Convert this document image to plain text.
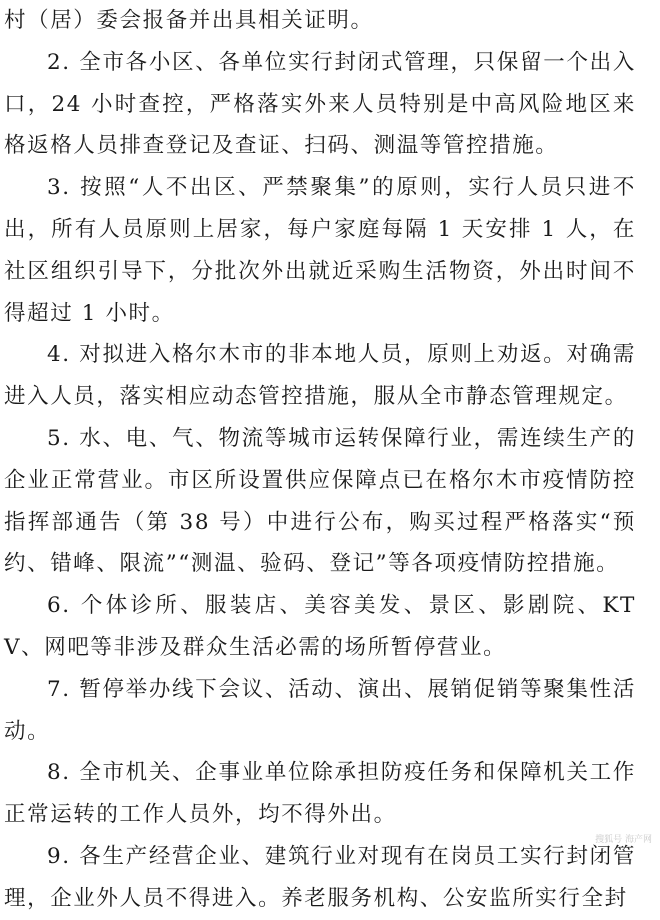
村（居）委会报备并出具相关证明。

2. 全市各小区、各单位实行封闭式管理，只保留一个出入口，24 小时查控，严格落实外来人员特别是中高风险地区来格返格人员排查登记及查证、扫码、测温等管控措施。

3. 按照“人不出区、严禁聚集”的原则，实行人员只进不出，所有人员原则上居家，每户家庭每隔 1 天安排 1 人，在社区组织引导下，分批次外出就近采购生活物资，外出时间不得超过 1 小时。

4. 对拟进入格尔木市的非本地人员，原则上劝返。对确需进入人员，落实相应动态管控措施，服从全市静态管理规定。

5. 水、电、气、物流等城市运转保障行业，需连续生产的企业正常营业。市区所设置供应保障点已在格尔木市疫情防控指挥部通告（第 38 号）中进行公布，购买过程严格落实“预约、错峰、限流”“测温、验码、登记”等各项疫情防控措施。

6. 个体诊所、服装店、美容美发、景区、影剧院、KTV、网吧等非涉及群众生活必需的场所暂停营业。

7. 暂停举办线下会议、活动、演出、展销促销等聚集性活动。

8. 全市机关、企事业单位除承担防疫任务和保障机关工作正常运转的工作人员外，均不得外出。

9. 各生产经营企业、建筑行业对现有在岗员工实行封闭管理，企业外人员不得进入。养老服务机构、公安监所实行全封

搜狐号 海产网
